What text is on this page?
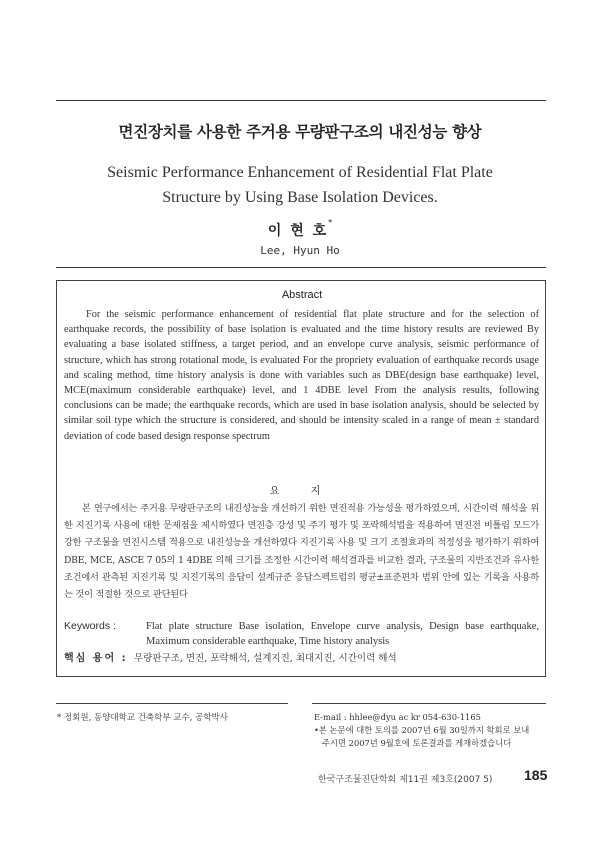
면진장치를 사용한 주거용 무량판구조의 내진성능 향상
Seismic Performance Enhancement of Residential Flat Plate
Structure by Using Base Isolation Devices.
이 현 호*
Lee, Hyun Ho
Abstract
For the seismic performance enhancement of residential flat plate structure and for the selection of earthquake records, the possibility of base isolation is evaluated and the time history results are reviewed By evaluating a base isolated stiffness, a target period, and an envelope curve analysis, seismic performance of structure, which has strong rotational mode, is evaluated For the propriety evaluation of earthquake records usage and scaling method, time history analysis is done with variables such as DBE(design base earthquake) level, MCE(maximum considerable earthquake) level, and 1 4DBE level From the analysis results, following conclusions can be made; the earthquake records, which are used in base isolation analysis, should be selected by similar soil type which the structure is considered, and should be intensity scaled in a range of mean ± standard deviation of code based design response spectrum
요 지
본 연구에서는 주거용 무량판구조의 내진성능을 개선하기 위한 면진적용 가능성을 평가하였으며, 시간이력 해석을 위한 지진기록 사용에 대한 문제점을 제시하였다 면진층 강성 및 주기 평가 및 포락해석법을 적용하여 면진전 비틀림 모드가 강한 구조물을 면진시스템 적용으로 내진성능을 개선하였다 지진기록 사용 및 크기 조절효과의 적정성을 평가하기 위하여 DBE, MCE, ASCE 7 05의 1 4DBE 의해 크기를 조정한 시간이력 해석결과를 비교한 결과, 구조물의 지반조건과 유사한 조건에서 관측된 지진기록 및 지진기록의 응답이 설계규준 응답스펙트럼의 평균±표준편차 범위 안에 있는 기록을 사용하는 것이 적절한 것으로 판단된다
Keywords :	Flat plate structure Base isolation, Envelope curve analysis, Design base earthquake, Maximum considerable earthquake, Time history analysis
핵심 용어 : 무량판구조, 면진, 포락해석, 설계지진, 최대지진, 시간이력 해석
* 정회원, 동양대학교 건축학부 교수, 공학박사	E-mail : hhlee@dyu ac kr 054-630-1165
•본 논문에 대한 토의를 2007년 6월 30일까지 학회로 보내
주시면 2007년 9월호에 토론결과를 게재하겠습니다
한국구조물진단학회 제11권 제3호(2007 5) 185
